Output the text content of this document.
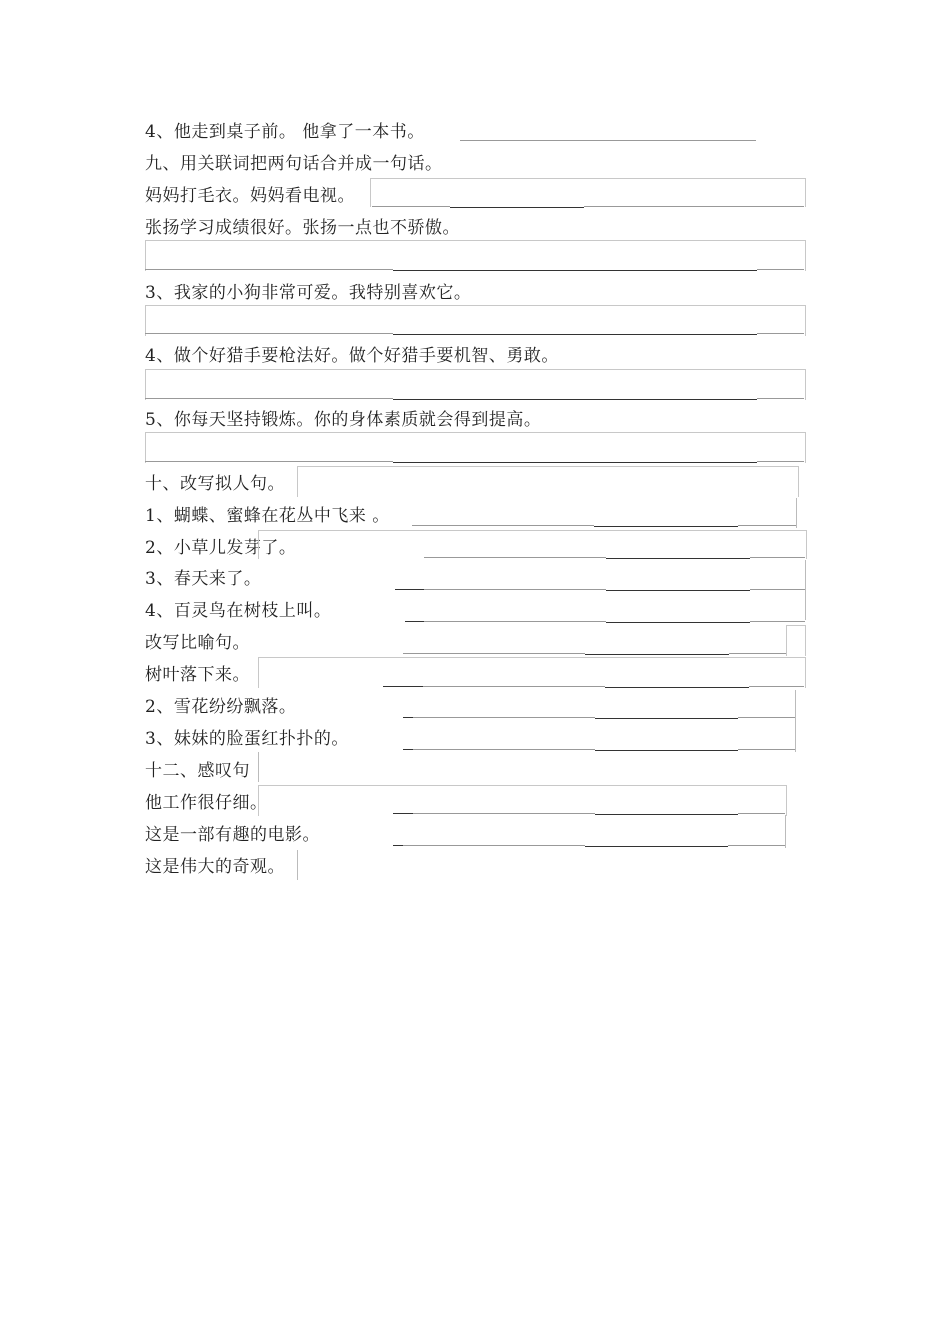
4、他走到桌子前。 他拿了一本书。
九、用关联词把两句话合并成一句话。
妈妈打毛衣。妈妈看电视。
张扬学习成绩很好。张扬一点也不骄傲。
3、我家的小狗非常可爱。我特别喜欢它。
4、做个好猎手要枪法好。做个好猎手要机智、勇敢。
5、你每天坚持锻炼。你的身体素质就会得到提高。
十、改写拟人句。
1、蝴蝶、蜜蜂在花丛中飞来 。
2、小草儿发芽了。
3、春天来了。
4、百灵鸟在树枝上叫。
改写比喻句。
树叶落下来。
2、雪花纷纷飘落。
3、妹妹的脸蛋红扑扑的。
十二、感叹句
他工作很仔细。
这是一部有趣的电影。
这是伟大的奇观。
